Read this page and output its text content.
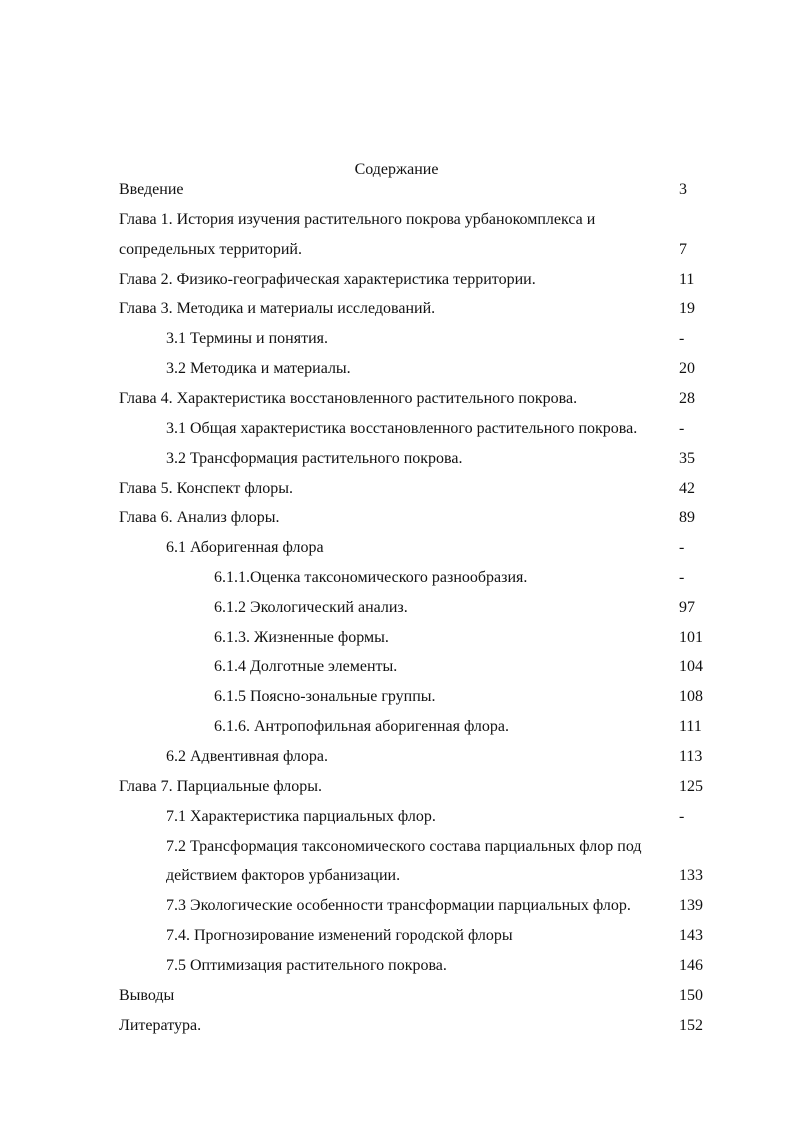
Содержание
Введение	3
Глава 1. История изучения растительного покрова урбанокомплекса и
сопредельных территорий.	7
Глава 2. Физико-географическая характеристика территории.	11
Глава 3. Методика и материалы исследований.	19
3.1 Термины и понятия.	-
3.2 Методика и материалы.	20
Глава 4. Характеристика восстановленного растительного покрова.	28
3.1 Общая характеристика восстановленного растительного покрова.	-
3.2 Трансформация растительного покрова.	35
Глава 5. Конспект флоры.	42
Глава 6. Анализ флоры.	89
6.1 Аборигенная флора	-
6.1.1.Оценка таксономического разнообразия.	-
6.1.2 Экологический анализ.	97
6.1.3. Жизненные формы.	101
6.1.4 Долготные элементы.	104
6.1.5 Поясно-зональные группы.	108
6.1.6. Антропофильная аборигенная флора.	111
6.2 Адвентивная флора.	113
Глава 7. Парциальные флоры.	125
7.1 Характеристика парциальных флор.	-
7.2 Трансформация таксономического состава парциальных флор под
действием факторов урбанизации.	133
7.3 Экологические особенности трансформации парциальных флор.	139
7.4. Прогнозирование изменений городской флоры	143
7.5 Оптимизация растительного покрова.	146
Выводы	150
Литература.	152
